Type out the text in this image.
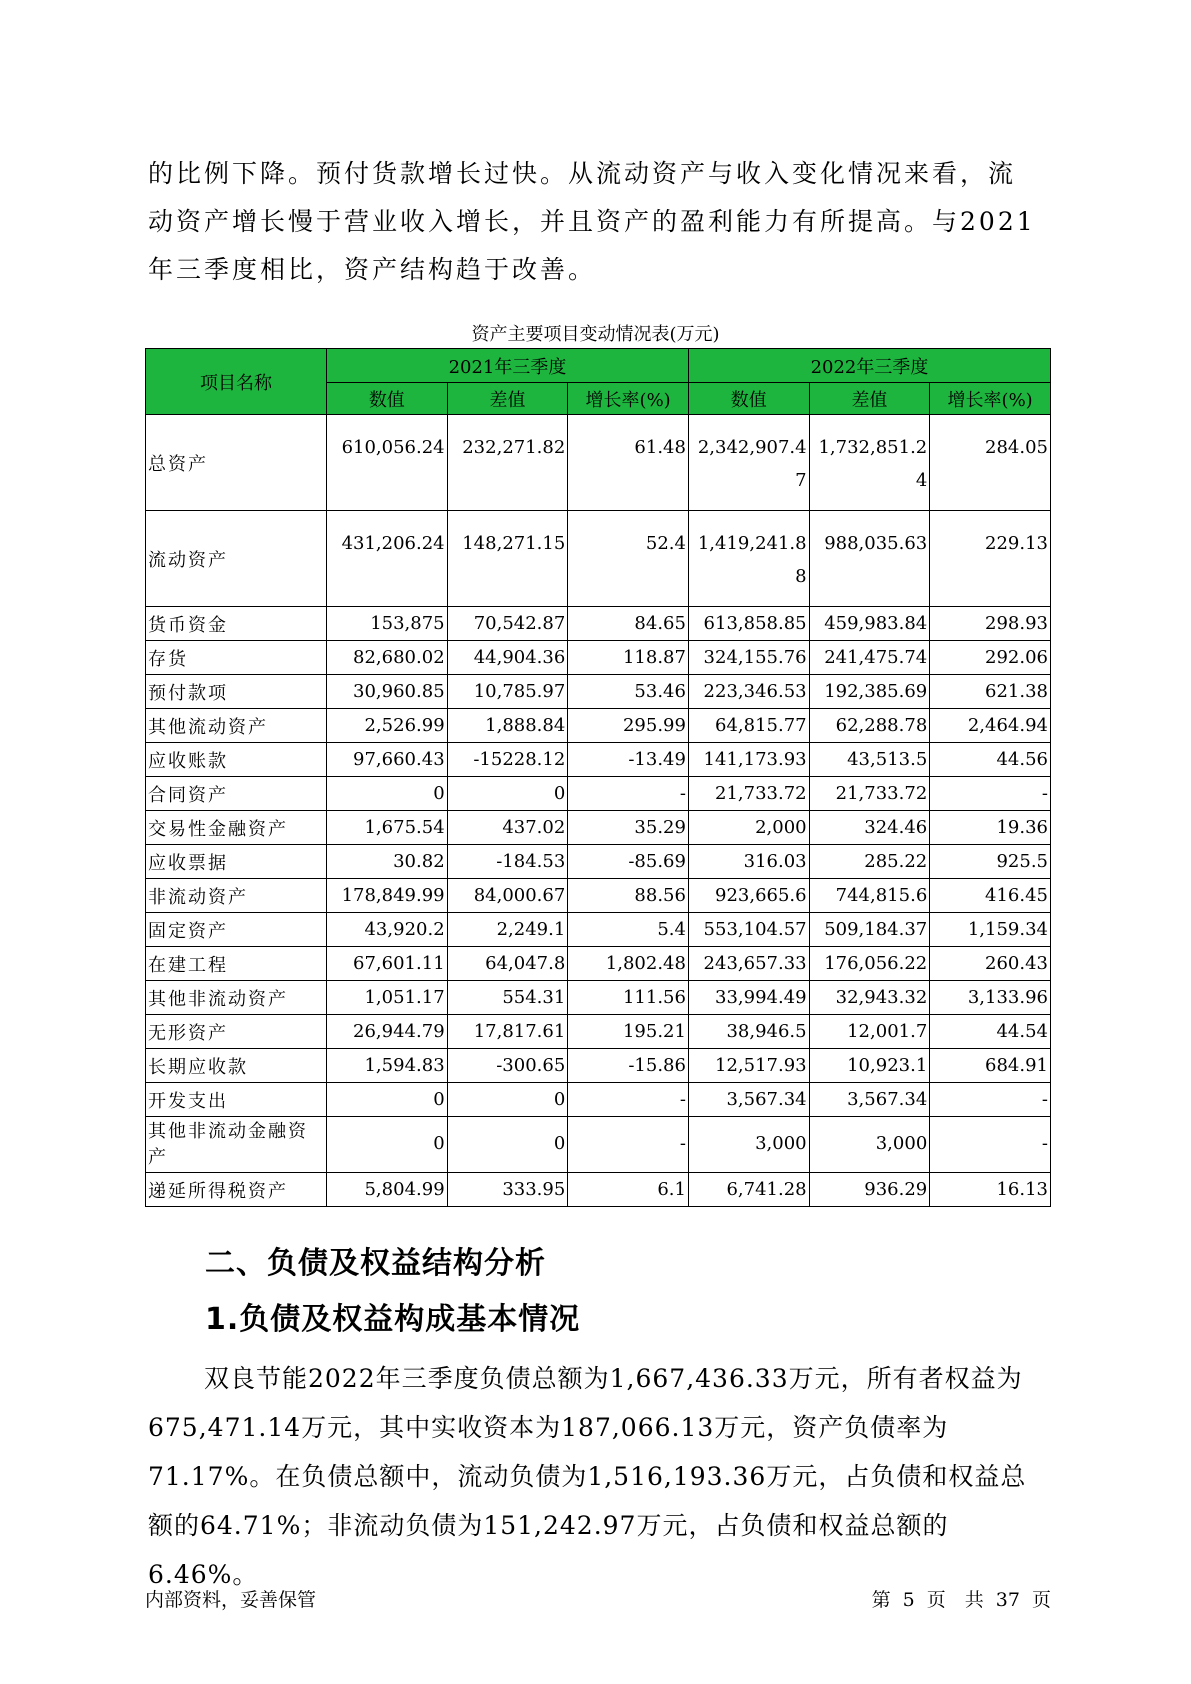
的比例下降。预付货款增长过快。从流动资产与收入变化情况来看，流动资产增长慢于营业收入增长，并且资产的盈利能力有所提高。与2021年三季度相比，资产结构趋于改善。

资产主要项目变动情况表(万元)

项目名称	2021年三季度			2022年三季度		
	数值	差值	增长率(%)	数值	差值	增长率(%)
总资产	610,056.24	232,271.82	61.48	2,342,907.47	1,732,851.24	284.05
流动资产	431,206.24	148,271.15	52.4	1,419,241.88	988,035.63	229.13
货币资金	153,875	70,542.87	84.65	613,858.85	459,983.84	298.93
存货	82,680.02	44,904.36	118.87	324,155.76	241,475.74	292.06
预付款项	30,960.85	10,785.97	53.46	223,346.53	192,385.69	621.38
其他流动资产	2,526.99	1,888.84	295.99	64,815.77	62,288.78	2,464.94
应收账款	97,660.43	-15228.12	-13.49	141,173.93	43,513.5	44.56
合同资产	0	0	-	21,733.72	21,733.72	-
交易性金融资产	1,675.54	437.02	35.29	2,000	324.46	19.36
应收票据	30.82	-184.53	-85.69	316.03	285.22	925.5
非流动资产	178,849.99	84,000.67	88.56	923,665.6	744,815.6	416.45
固定资产	43,920.2	2,249.1	5.4	553,104.57	509,184.37	1,159.34
在建工程	67,601.11	64,047.8	1,802.48	243,657.33	176,056.22	260.43
其他非流动资产	1,051.17	554.31	111.56	33,994.49	32,943.32	3,133.96
无形资产	26,944.79	17,817.61	195.21	38,946.5	12,001.7	44.54
长期应收款	1,594.83	-300.65	-15.86	12,517.93	10,923.1	684.91
开发支出	0	0	-	3,567.34	3,567.34	-
其他非流动金融资产	0	0	-	3,000	3,000	-
递延所得税资产	5,804.99	333.95	6.1	6,741.28	936.29	16.13
二、负债及权益结构分析
1.负债及权益构成基本情况

双良节能2022年三季度负债总额为1,667,436.33万元，所有者权益为675,471.14万元，其中实收资本为187,066.13万元，资产负债率为71.17%。在负债总额中，流动负债为1,516,193.36万元，占负债和权益总额的64.71%；非流动负债为151,242.97万元，占负债和权益总额的6.46%。

内部资料，妥善保管	第 5 页　共 37 页
